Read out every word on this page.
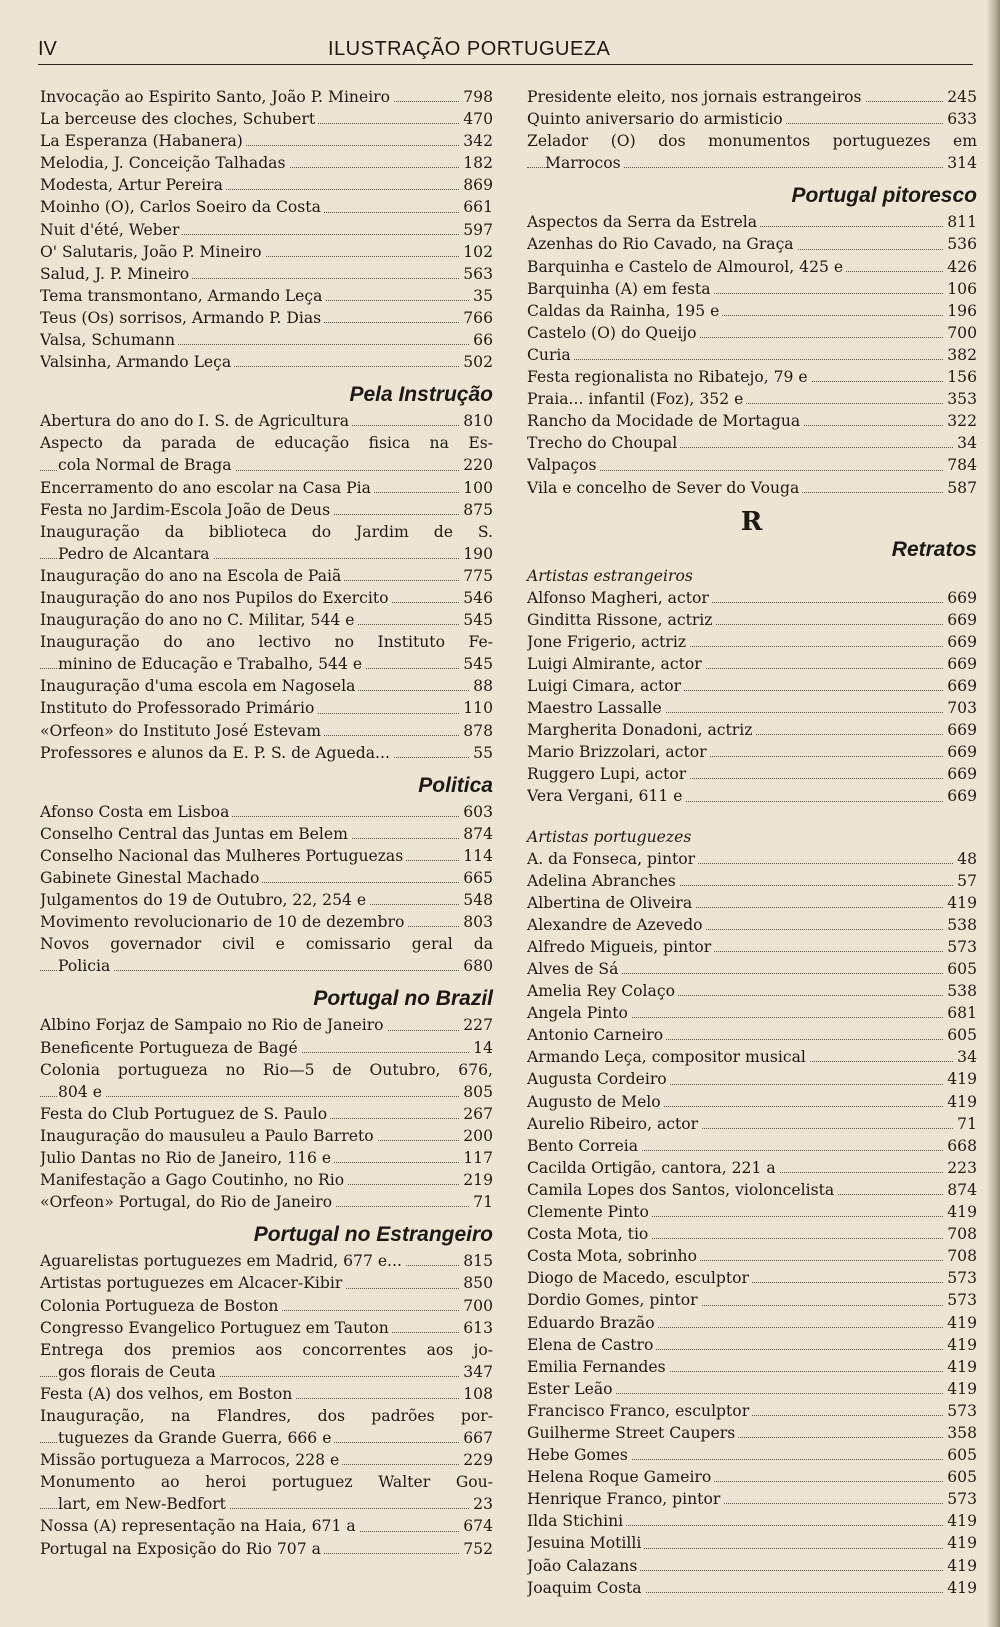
IV	ILUSTRAÇÃO PORTUGUEZA
Invocação ao Espirito Santo, João P. Mineiro	798
La berceuse des cloches, Schubert	470
La Esperanza (Habanera)	342
Melodia, J. Conceição Talhadas	182
Modesta, Artur Pereira	869
Moinho (O), Carlos Soeiro da Costa	661
Nuit d'été, Weber	597
O' Salutaris, João P. Mineiro	102
Salud, J. P. Mineiro	563
Tema transmontano, Armando Leça	35
Teus (Os) sorrisos, Armando P. Dias	766
Valsa, Schumann	66
Valsinha, Armando Leça	502
Pela Instrução
Abertura do ano do I. S. de Agricultura	810
Aspecto da parada de educação fisica na Es-
cola Normal de Braga	220
Encerramento do ano escolar na Casa Pia	100
Festa no Jardim-Escola João de Deus	875
Inauguração da biblioteca do Jardim de S.
Pedro de Alcantara	190
Inauguração do ano na Escola de Paiã	775
Inauguração do ano nos Pupilos do Exercito	546
Inauguração do ano no C. Militar, 544 e	545
Inauguração do ano lectivo no Instituto Fe-
minino de Educação e Trabalho, 544 e	545
Inauguração d'uma escola em Nagosela	88
Instituto do Professorado Primário	110
«Orfeon» do Instituto José Estevam	878
Professores e alunos da E. P. S. de Agueda...	55
Politica
Afonso Costa em Lisboa	603
Conselho Central das Juntas em Belem	874
Conselho Nacional das Mulheres Portuguezas	114
Gabinete Ginestal Machado	665
Julgamentos do 19 de Outubro, 22, 254 e	548
Movimento revolucionario de 10 de dezembro	803
Novos governador civil e comissario geral da
Policia	680
Portugal no Brazil
Albino Forjaz de Sampaio no Rio de Janeiro	227
Beneficente Portugueza de Bagé	14
Colonia portugueza no Rio—5 de Outubro, 676,
804 e	805
Festa do Club Portuguez de S. Paulo	267
Inauguração do mausuleu a Paulo Barreto	200
Julio Dantas no Rio de Janeiro, 116 e	117
Manifestação a Gago Coutinho, no Rio	219
«Orfeon» Portugal, do Rio de Janeiro	71
Portugal no Estrangeiro
Aguarelistas portuguezes em Madrid, 677 e...	815
Artistas portuguezes em Alcacer-Kibir	850
Colonia Portugueza de Boston	700
Congresso Evangelico Portuguez em Tauton	613
Entrega dos premios aos concorrentes aos jo-
gos florais de Ceuta	347
Festa (A) dos velhos, em Boston	108
Inauguração, na Flandres, dos padrões por-
tuguezes da Grande Guerra, 666 e	667
Missão portugueza a Marrocos, 228 e	229
Monumento ao heroi portuguez Walter Gou-
lart, em New-Bedfort	23
Nossa (A) representação na Haia, 671 a	674
Portugal na Exposição do Rio 707 a	752
Presidente eleito, nos jornais estrangeiros	245
Quinto aniversario do armisticio	633
Zelador (O) dos monumentos portuguezes em
Marrocos	314
Portugal pitoresco
Aspectos da Serra da Estrela	811
Azenhas do Rio Cavado, na Graça	536
Barquinha e Castelo de Almourol, 425 e	426
Barquinha (A) em festa	106
Caldas da Rainha, 195 e	196
Castelo (O) do Queijo	700
Curia	382
Festa regionalista no Ribatejo, 79 e	156
Praia... infantil (Foz), 352 e	353
Rancho da Mocidade de Mortagua	322
Trecho do Choupal	34
Valpaços	784
Vila e concelho de Sever do Vouga	587
R
Retratos
Artistas estrangeiros
Alfonso Magheri, actor	669
Ginditta Rissone, actriz	669
Jone Frigerio, actriz	669
Luigi Almirante, actor	669
Luigi Cimara, actor	669
Maestro Lassalle	703
Margherita Donadoni, actriz	669
Mario Brizzolari, actor	669
Ruggero Lupi, actor	669
Vera Vergani, 611 e	669
Artistas portuguezes
A. da Fonseca, pintor	48
Adelina Abranches	57
Albertina de Oliveira	419
Alexandre de Azevedo	538
Alfredo Migueis, pintor	573
Alves de Sá	605
Amelia Rey Colaço	538
Angela Pinto	681
Antonio Carneiro	605
Armando Leça, compositor musical	34
Augusta Cordeiro	419
Augusto de Melo	419
Aurelio Ribeiro, actor	71
Bento Correia	668
Cacilda Ortigão, cantora, 221 a	223
Camila Lopes dos Santos, violoncelista	874
Clemente Pinto	419
Costa Mota, tio	708
Costa Mota, sobrinho	708
Diogo de Macedo, esculptor	573
Dordio Gomes, pintor	573
Eduardo Brazão	419
Elena de Castro	419
Emilia Fernandes	419
Ester Leão	419
Francisco Franco, esculptor	573
Guilherme Street Caupers	358
Hebe Gomes	605
Helena Roque Gameiro	605
Henrique Franco, pintor	573
Ilda Stichini	419
Jesuina Motilli	419
João Calazans	419
Joaquim Costa	419
